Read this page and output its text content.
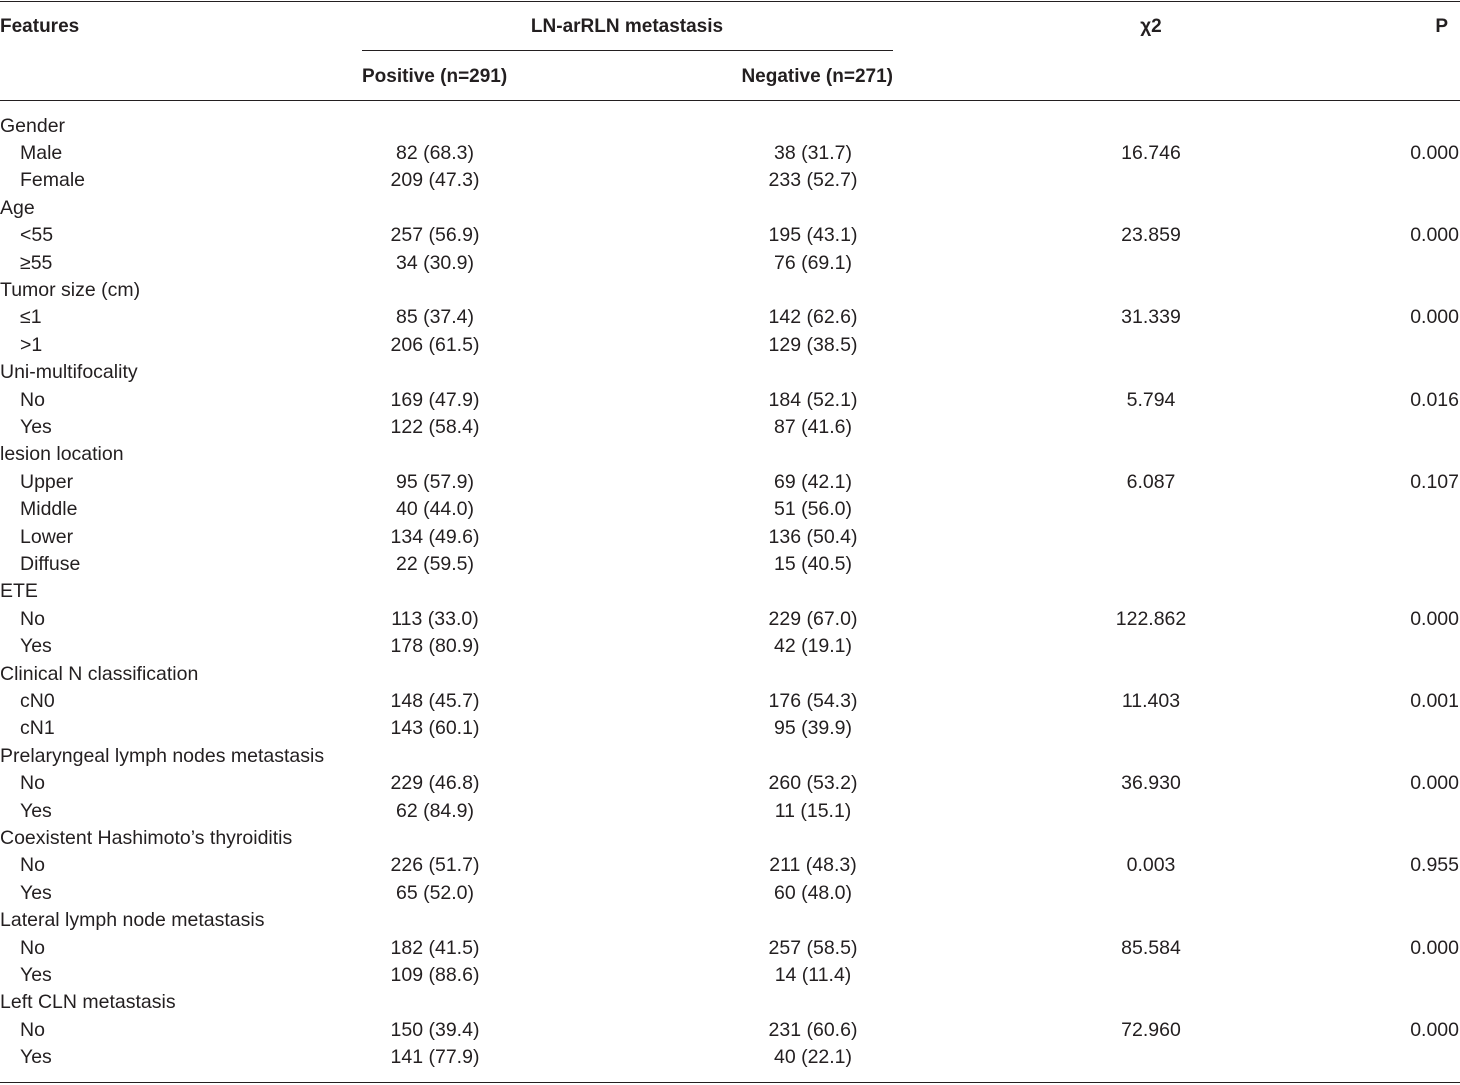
Features	LN-arRLN metastasis	χ2	P
Positive (n=291)	Negative (n=271)
Gender
Male	82 (68.3)	38 (31.7)	16.746	0.000
Female	209 (47.3)	233 (52.7)
Age
<55	257 (56.9)	195 (43.1)	23.859	0.000
≥55	34 (30.9)	76 (69.1)
Tumor size (cm)
≤1	85 (37.4)	142 (62.6)	31.339	0.000
>1	206 (61.5)	129 (38.5)
Uni-multifocality
No	169 (47.9)	184 (52.1)	5.794	0.016
Yes	122 (58.4)	87 (41.6)
lesion location
Upper	95 (57.9)	69 (42.1)	6.087	0.107
Middle	40 (44.0)	51 (56.0)
Lower	134 (49.6)	136 (50.4)
Diffuse	22 (59.5)	15 (40.5)
ETE
No	113 (33.0)	229 (67.0)	122.862	0.000
Yes	178 (80.9)	42 (19.1)
Clinical N classification
cN0	148 (45.7)	176 (54.3)	11.403	0.001
cN1	143 (60.1)	95 (39.9)
Prelaryngeal lymph nodes metastasis
No	229 (46.8)	260 (53.2)	36.930	0.000
Yes	62 (84.9)	11 (15.1)
Coexistent Hashimoto’s thyroiditis
No	226 (51.7)	211 (48.3)	0.003	0.955
Yes	65 (52.0)	60 (48.0)
Lateral lymph node metastasis
No	182 (41.5)	257 (58.5)	85.584	0.000
Yes	109 (88.6)	14 (11.4)
Left CLN metastasis
No	150 (39.4)	231 (60.6)	72.960	0.000
Yes	141 (77.9)	40 (22.1)
